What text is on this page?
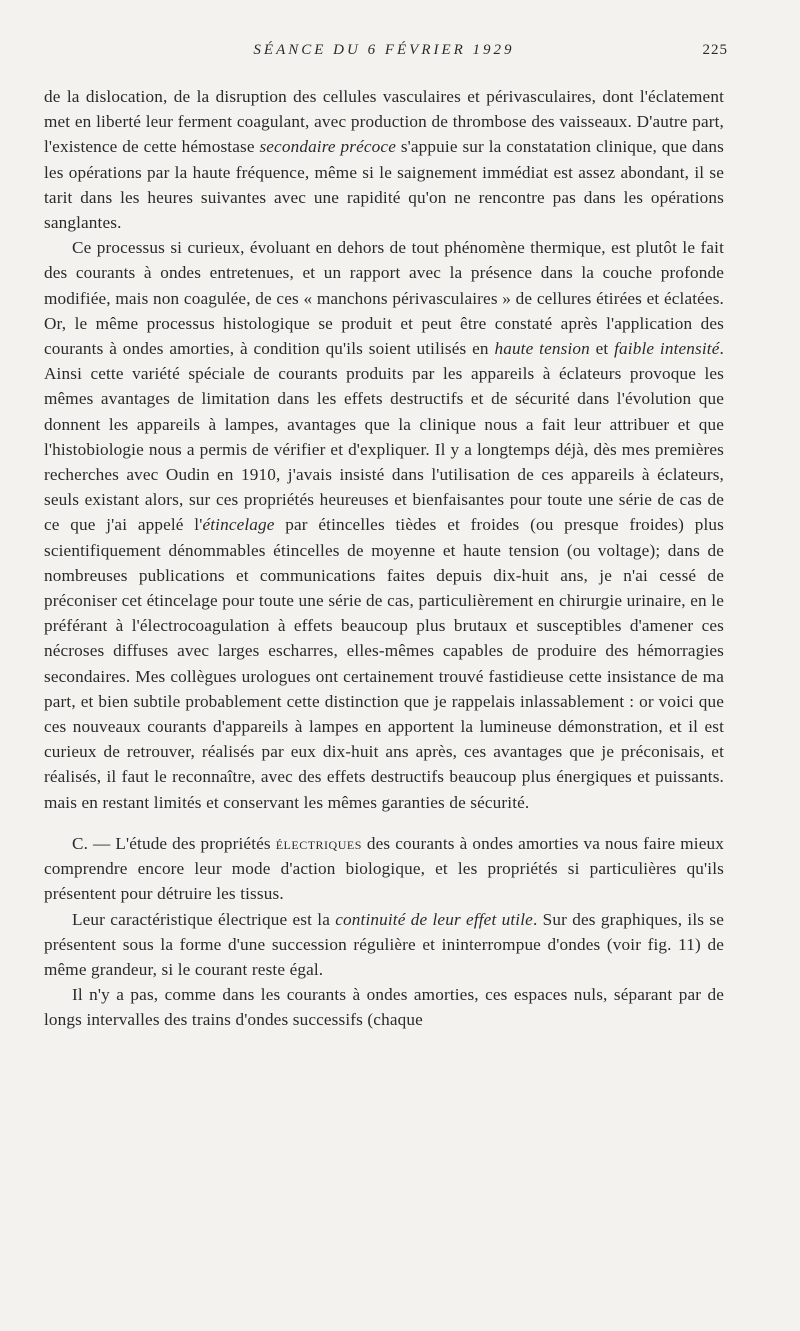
SÉANCE DU 6 FÉVRIER 1929	225

de la dislocation, de la disruption des cellules vasculaires et périvasculaires, dont l'éclatement met en liberté leur ferment coagulant, avec production de thrombose des vaisseaux. D'autre part, l'existence de cette hémostase secondaire précoce s'appuie sur la constatation clinique, que dans les opérations par la haute fréquence, même si le saignement immédiat est assez abondant, il se tarit dans les heures suivantes avec une rapidité qu'on ne rencontre pas dans les opérations sanglantes.

Ce processus si curieux, évoluant en dehors de tout phénomène thermique, est plutôt le fait des courants à ondes entretenues, et un rapport avec la présence dans la couche profonde modifiée, mais non coagulée, de ces « manchons périvasculaires » de cellures étirées et éclatées. Or, le même processus histologique se produit et peut être constaté après l'application des courants à ondes amorties, à condition qu'ils soient utilisés en haute tension et faible intensité. Ainsi cette variété spéciale de courants produits par les appareils à éclateurs provoque les mêmes avantages de limitation dans les effets destructifs et de sécurité dans l'évolution que donnent les appareils à lampes, avantages que la clinique nous a fait leur attribuer et que l'histobiologie nous a permis de vérifier et d'expliquer. Il y a longtemps déjà, dès mes premières recherches avec Oudin en 1910, j'avais insisté dans l'utilisation de ces appareils à éclateurs, seuls existant alors, sur ces propriétés heureuses et bienfaisantes pour toute une série de cas de ce que j'ai appelé l'étincelage par étincelles tièdes et froides (ou presque froides) plus scientifiquement dénommables étincelles de moyenne et haute tension (ou voltage); dans de nombreuses publications et communications faites depuis dix-huit ans, je n'ai cessé de préconiser cet étincelage pour toute une série de cas, particulièrement en chirurgie urinaire, en le préférant à l'électrocoagulation à effets beaucoup plus brutaux et susceptibles d'amener ces nécroses diffuses avec larges escharres, elles-mêmes capables de produire des hémorragies secondaires. Mes collègues urologues ont certainement trouvé fastidieuse cette insistance de ma part, et bien subtile probablement cette distinction que je rappelais inlassablement : or voici que ces nouveaux courants d'appareils à lampes en apportent la lumineuse démonstration, et il est curieux de retrouver, réalisés par eux dix-huit ans après, ces avantages que je préconisais, et réalisés, il faut le reconnaître, avec des effets destructifs beaucoup plus énergiques et puissants. mais en restant limités et conservant les mêmes garanties de sécurité.

C. — L'étude des propriétés électriques des courants à ondes amorties va nous faire mieux comprendre encore leur mode d'action biologique, et les propriétés si particulières qu'ils présentent pour détruire les tissus.

Leur caractéristique électrique est la continuité de leur effet utile. Sur des graphiques, ils se présentent sous la forme d'une succession régulière et ininterrompue d'ondes (voir fig. 11) de même grandeur, si le courant reste égal.

Il n'y a pas, comme dans les courants à ondes amorties, ces espaces nuls, séparant par de longs intervalles des trains d'ondes successifs (chaque
